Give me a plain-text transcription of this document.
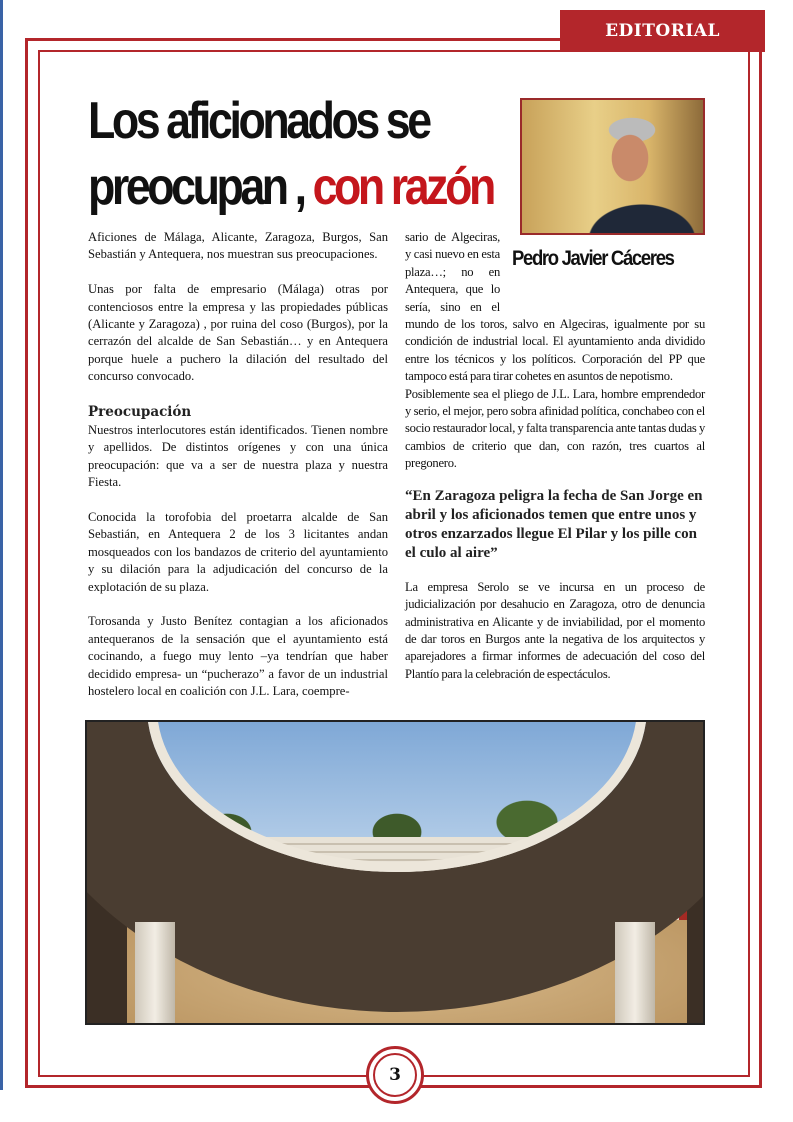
EDITORIAL
Los aficionados se
preocupan , con razón
Pedro Javier Cáceres

Aficiones de Málaga, Alicante, Zaragoza, Burgos, San Sebastián y Antequera, nos muestran sus preocupaciones.

Unas por falta de empresario (Málaga) otras por contenciosos entre la empresa y las propiedades públicas (Alicante y Zaragoza) , por ruina del coso (Burgos), por la cerrazón del alcalde de San Sebastián… y en Antequera porque huele a puchero la dilación del resultado del concurso convocado.

Preocupación

Nuestros interlocutores están identificados. Tienen nombre y apellidos. De distintos orígenes y con una única preocupación: que va a ser de nuestra plaza y nuestra Fiesta.

Conocida la torofobia del proetarra alcalde de San Sebastián, en Antequera 2 de los 3 licitantes andan mosqueados con los bandazos de criterio del ayuntamiento y su dilación para la adjudicación del concurso de la explotación de su plaza.

Torosanda y Justo Benítez contagian a los aficionados antequeranos de la sensación que el ayuntamiento está cocinando, a fuego muy lento –ya tendrían que haber decidido empresa- un “pucherazo” a favor de un industrial hostelero local en coalición con J.L. Lara, coempre-

sario de Algeciras, y casi nuevo en esta plaza…; no en Antequera, que lo sería, sino en el mundo de los toros, salvo en Algeciras, igualmente por su condición de industrial local. El ayuntamiento anda dividido entre los técnicos y los políticos. Corporación del PP que tampoco está para tirar cohetes en asuntos de nepotismo.

Posiblemente sea el pliego de J.L. Lara, hombre emprendedor y serio, el mejor, pero sobra afinidad política, conchabeo con el socio restaurador local, y falta transparencia ante tantas dudas y cambios de criterio que dan, con razón, tres cuartos al pregonero.

“En Zaragoza peligra la fecha de San Jorge en abril y los aficionados temen que entre unos y otros enzarzados llegue El Pilar y los pille con el culo al aire”

La empresa Serolo se ve incursa en un proceso de judicialización por desahucio en Zaragoza, otro de denuncia administrativa en Alicante y de inviabilidad, por el momento de dar toros en Burgos ante la negativa de los arquitectos y aparejadores a firmar informes de adecuación del coso del Plantío para la celebración de espectáculos.

3
